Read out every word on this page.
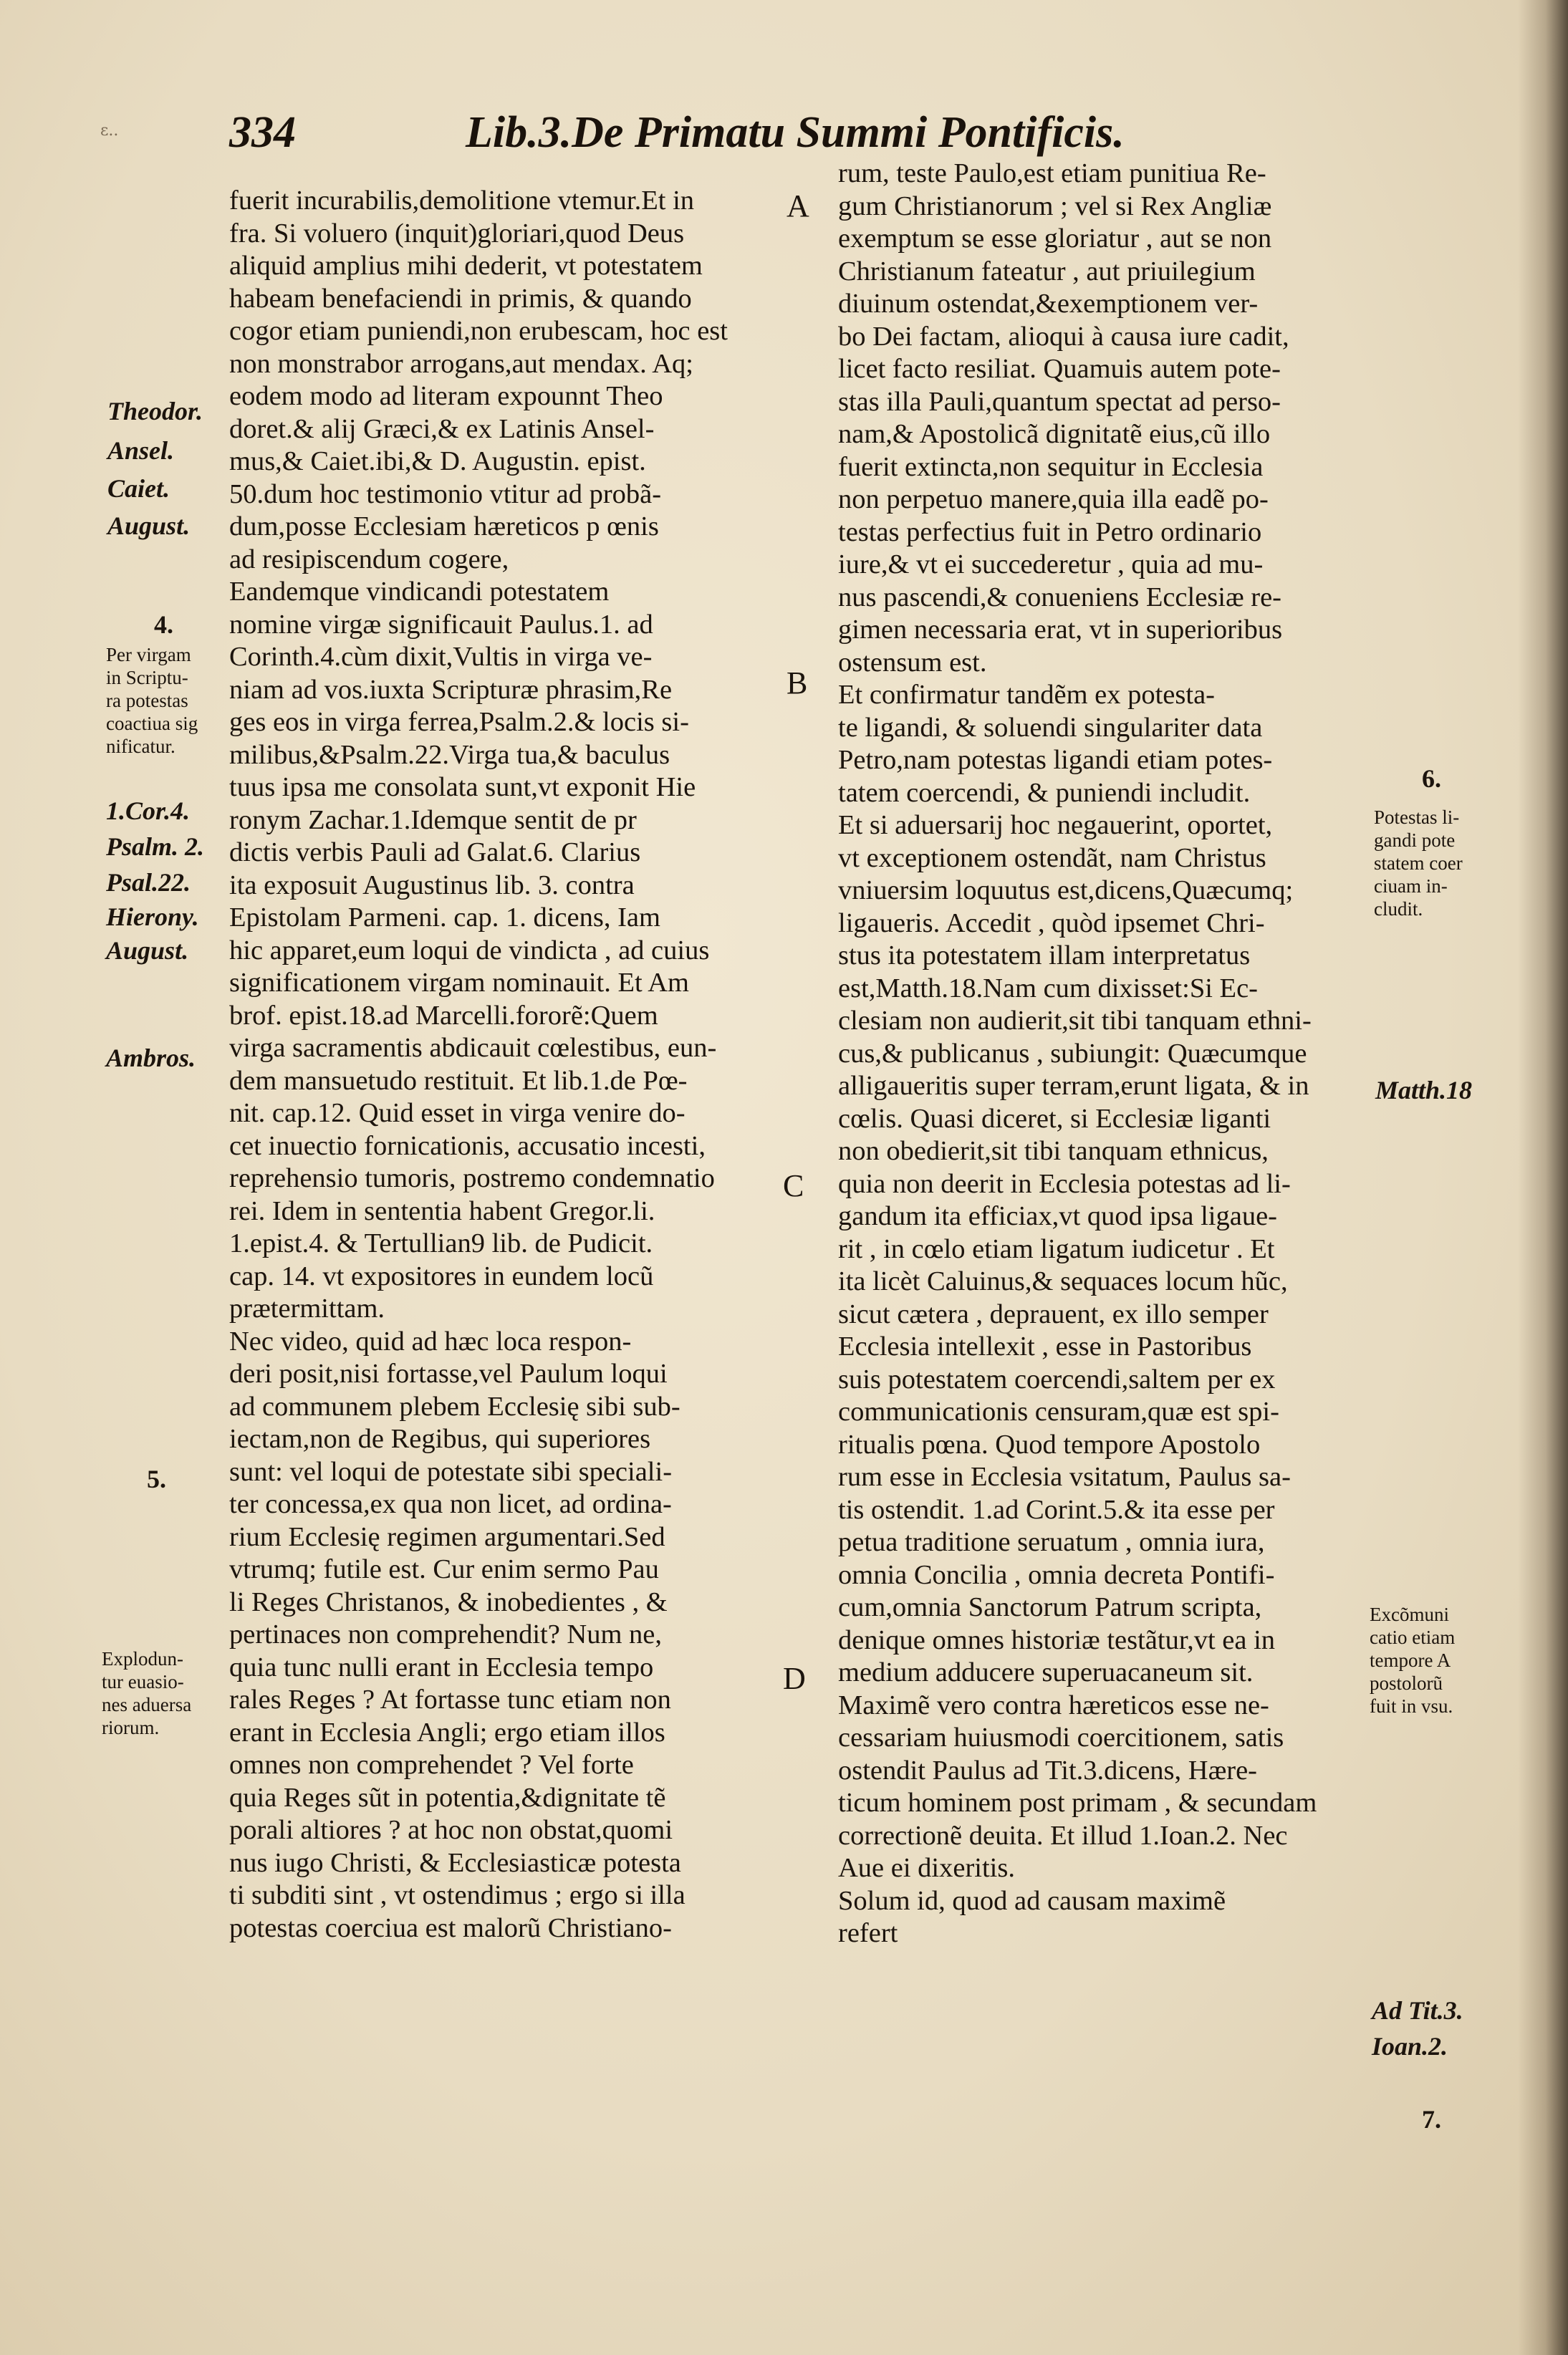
ε.. 334	Lib.3.De Primatu Summi Pontificis.
A
B
C
D
fuerit incurabilis,demolitione vtemur.Et in
fra. Si voluero (inquit)gloriari,quod Deus
aliquid amplius mihi dederit, vt potestatem
habeam benefaciendi in primis, & quando
cogor etiam puniendi,non erubescam, hoc est
non monstrabor arrogans,aut mendax. Aq;
eodem modo ad literam expounnt Theo
doret.& alij Græci,& ex Latinis Ansel-
mus,& Caiet.ibi,& D. Augustin. epist.
50.dum hoc testimonio vtitur ad probã-
dum,posse Ecclesiam hæreticos p œnis
ad resipiscendum cogere,
Eandemque vindicandi potestatem
nomine virgæ significauit Paulus.1. ad
Corinth.4.cùm dixit,Vultis in virga ve-
niam ad vos.iuxta Scripturæ phrasim,Re
ges eos in virga ferrea,Psalm.2.& locis si-
milibus,&Psalm.22.Virga tua,& baculus
tuus ipsa me consolata sunt,vt exponit Hie
ronym Zachar.1.Idemque sentit de pr
dictis verbis Pauli ad Galat.6. Clarius
ita exposuit Augustinus lib. 3. contra
Epistolam Parmeni. cap. 1. dicens, Iam
hic apparet,eum loqui de vindicta , ad cuius
significationem virgam nominauit. Et Am
brof. epist.18.ad Marcelli.fororẽ:Quem
virga sacramentis abdicauit cœlestibus, eun-
dem mansuetudo restituit. Et lib.1.de Pœ-
nit. cap.12. Quid esset in virga venire do-
cet inuectio fornicationis, accusatio incesti,
reprehensio tumoris, postremo condemnatio
rei. Idem in sententia habent Gregor.li.
1.epist.4. & Tertullian9 lib. de Pudicit.
cap. 14. vt expositores in eundem locũ
prætermittam.
Nec video, quid ad hæc loca respon-
deri posit,nisi fortasse,vel Paulum loqui
ad communem plebem Ecclesię sibi sub-
iectam,non de Regibus, qui superiores
sunt: vel loqui de potestate sibi speciali-
ter concessa,ex qua non licet, ad ordina-
rium Ecclesię regimen argumentari.Sed
vtrumq; futile est. Cur enim sermo Pau
li Reges Christanos, & inobedientes , &
pertinaces non comprehendit? Num ne,
quia tunc nulli erant in Ecclesia tempo
rales Reges ? At fortasse tunc etiam non
erant in Ecclesia Angli; ergo etiam illos
omnes non comprehendet ? Vel forte
quia Reges sũt in potentia,&dignitate tẽ
porali altiores ? at hoc non obstat,quomi
nus iugo Christi, & Ecclesiasticæ potesta
ti subditi sint , vt ostendimus ; ergo si illa
potestas coerciua est malorũ Christiano-
rum, teste Paulo,est etiam punitiua Re-
gum Christianorum ; vel si Rex Angliæ
exemptum se esse gloriatur , aut se non
Christianum fateatur , aut priuilegium
diuinum ostendat,&exemptionem ver-
bo Dei factam, alioqui à causa iure cadit,
licet facto resiliat. Quamuis autem pote-
stas illa Pauli,quantum spectat ad perso-
nam,& Apostolicã dignitatẽ eius,cũ illo
fuerit extincta,non sequitur in Ecclesia
non perpetuo manere,quia illa eadẽ po-
testas perfectius fuit in Petro ordinario
iure,& vt ei succederetur , quia ad mu-
nus pascendi,& conueniens Ecclesiæ re-
gimen necessaria erat, vt in superioribus
ostensum est.
Et confirmatur tandẽm ex potesta-
te ligandi, & soluendi singulariter data
Petro,nam potestas ligandi etiam potes-
tatem coercendi, & puniendi includit.
Et si aduersarij hoc negauerint, oportet,
vt exceptionem ostendãt, nam Christus
vniuersim loquutus est,dicens,Quæcumq;
ligaueris. Accedit , quòd ipsemet Chri-
stus ita potestatem illam interpretatus
est,Matth.18.Nam cum dixisset:Si Ec-
clesiam non audierit,sit tibi tanquam ethni-
cus,& publicanus , subiungit: Quæcumque
alligaueritis super terram,erunt ligata, & in
cœlis. Quasi diceret, si Ecclesiæ liganti
non obedierit,sit tibi tanquam ethnicus,
quia non deerit in Ecclesia potestas ad li-
gandum ita efficiax,vt quod ipsa ligaue-
rit , in cœlo etiam ligatum iudicetur . Et
ita licèt Caluinus,& sequaces locum hũc,
sicut cætera , deprauent, ex illo semper
Ecclesia intellexit , esse in Pastoribus
suis potestatem coercendi,saltem per ex
communicationis censuram,quæ est spi-
ritualis pœna. Quod tempore Apostolo
rum esse in Ecclesia vsitatum, Paulus sa-
tis ostendit. 1.ad Corint.5.& ita esse per
petua traditione seruatum , omnia iura,
omnia Concilia , omnia decreta Pontifi-
cum,omnia Sanctorum Patrum scripta,
denique omnes historiæ testãtur,vt ea in
medium adducere superuacaneum sit.
Maximẽ vero contra hæreticos esse ne-
cessariam huiusmodi coercitionem, satis
ostendit Paulus ad Tit.3.dicens, Hære-
ticum hominem post primam , & secundam
correctionẽ deuita. Et illud 1.Ioan.2. Nec
Aue ei dixeritis.
Solum id, quod ad causam maximẽ
refert
Theodor.
Ansel.
Caiet.
August.
4.
Per virgam
in Scriptu-
ra potestas
coactiua sig
nificatur.
1.Cor.4.
Psalm. 2.
Psal.22.
Hierony.
August.
Ambros.
5.
Explodun-
tur euasio-
nes aduersa
riorum.
6.
Potestas li-
gandi pote
statem coer
ciuam in-
cludit.
Matth.18
Excõmuni
catio etiam
tempore A
postolorũ
fuit in vsu.
Ad Tit.3.
Ioan.2.
7.
